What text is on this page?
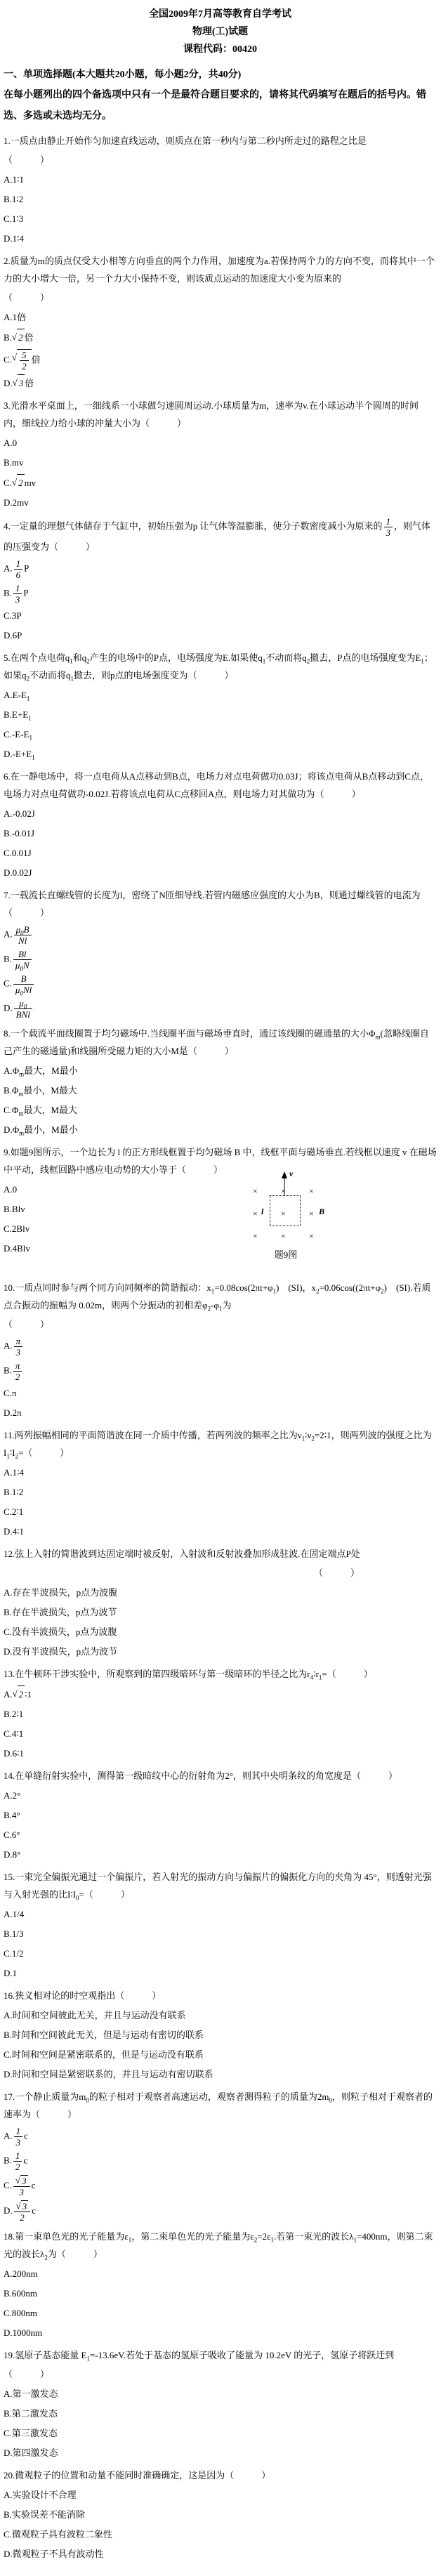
全国2009年7月高等教育自学考试
物理(工)试题
课程代码：00420
一、单项选择题(本大题共20小题，每小题2分，共40分)
在每小题列出的四个备选项中只有一个是最符合题目要求的，请将其代码填写在题后的括号内。错选、多选或未选均无分。
1.一质点由静止开始作匀加速直线运动，则质点在第一秒内与第二秒内所走过的路程之比是
（　　　）
A.1∶1
B.1∶2
C.1∶3
D.1∶4
2.质量为m的质点仅受大小相等方向垂直的两个力作用，加速度为a.若保持两个力的方向不变，而将其中一个力的大小增大一倍，另一个力大小保持不变，则该质点运动的加速度大小变为原来的
（　　　）
A.1倍
B.√ 2 倍
$C.√ \frac{5}{2}$ 倍
D.√ 3 倍
3.光滑水平桌面上，一细线系一小球做匀速圆周运动.小球质量为m，速率为v.在小球运动半个圆周的时间内，细线拉力给小球的冲量大小为（　　　）
A.0
B.mv
C.√ 2 mv
D.2mv
4.一定量的理想气体储存于气缸中，初始压强为p 让气体等温膨胀，使分子数密度减小为原来的 $\frac{1}{3}$ ，则气体的压强变为（　　　）
A. $\frac{1}{6}$ P
B. $\frac{1}{3}$ P
C.3P
D.6P
5.在两个点电荷$q_1$和$q_2$产生的电场中的P点，电场强度为E.如果使$q_1$不动而将$q_2$撤去，P点的电场强度变为$E_1$；如果$q_2$不动而将$q_1$撤去，则p点的电场强度变为（　　　）
$A.E-E_1$
$B.E+E_1$
$C.-E-E_1$
$D.-E+E_1$
6.在一静电场中，将一点电荷从A点移动到B点，电场力对点电荷做功0.03J；将该点电荷从B点移动到C点，电场力对点电荷做功-0.02J.若将该点电荷从C点移回A点，则电场力对其做功为（　　　）
A.-0.02J
B.-0.01J
C.0.01J
D.0.02J
7.一载流长直螺线管的长度为l，密绕了N匝细导线.若管内磁感应强度的大小为B，则通过螺线管的电流为（　　　）
A. $\frac{\mu_0B}{Nl}$
B. $\frac{Bl}{\mu_0N}$
C. $\frac{B}{\mu_0Nl}$
D. $\frac{\mu_0}{\text{BNl}}$
8.一个载流平面线圈置于均匀磁场中.当线圈平面与磁场垂直时，通过该线圈的磁通量的大小$\Phi_m$(忽略线圈自己产生的磁通量)和线圈所受磁力矩的大小M是（　　　）
$A.\Phi_m$最大，M最小
$B.\Phi_m$最小，M最大
$C.\Phi_m$最大，M最大
$D.\Phi_m$最小，M最小
9.如题9图所示，一个边长为 l 的正方形线框置于均匀磁场 B 中，线框平面与磁场垂直.若线框以速度 v 在磁场中平动，线框回路中感应电动势的大小等于（　　　）
A.0
B.Blv
C.2Blv
D.4Blv
×	×	×
×	×	×
×	×	×
v
l	B
题9图
10.一质点同时参与两个同方向同频率的简谐振动：$x_1=0.08\cos(2\pi t+\varphi_1)$　(SI)，$x_2=0.06\cos((2\pi t+\varphi_2)$　(SI).若质点合振动的振幅为 0.02m，则两个分振动的初相差$\varphi_2-\varphi_1$为
（　　　）
A. $\frac{\pi}{3}$
B. $\frac{\pi}{2}$
C.π
D.2π
11.两列振幅相同的平面简谐波在同一介质中传播，若两列波的频率之比为$\nu_1∶\nu_2=2∶1$，则两列波的强度之比为$I_1∶I_2=$（　　　）
A.1∶4
B.1∶2
C.2∶1
D.4∶1
12.弦上入射的简谐波到达固定端时被反射，入射波和反射波叠加形成驻波.在固定端点P处
（　　　）
A.存在半波损失，p点为波腹
B.存在半波损失，p点为波节
C.没有半波损失，p点为波腹
D.没有半波损失，p点为波节
13.在牛顿环干涉实验中，所观察到的第四级暗环与第一级暗环的半径之比为$r_4∶r_1=$（　　　）
A.√ 2 ∶1
B.2∶1
C.4∶1
D.6∶1
14.在单缝衍射实验中，测得第一级暗纹中心的衍射角为2°，则其中央明条纹的角宽度是（　　　）
A.2°
B.4°
C.6°
D.8°
15.一束完全偏振光通过一个偏振片，若入射光的振动方向与偏振片的偏振化方向的夹角为 45°，则透射光强与入射光强的比$I∶I_0=$（　　　）
A.1/4
B.1/3
C.1/2
D.1
16.狭义相对论的时空观指出（　　　）
A.时间和空间彼此无关，并且与运动没有联系
B.时间和空间彼此无关，但是与运动有密切的联系
C.时间和空间是紧密联系的，但是与运动没有联系
D.时间和空间是紧密联系的，并且与运动有密切联系
17.一个静止质量为$m_0$的粒子相对于观察者高速运动，观察者测得粒子的质量为$2m_0$，则粒子相对于观察者的速率为（　　　）
A. $\frac{1}{3}$ c
B. $\frac{1}{2}$ c
C. $\frac{√ 3}{3}$ c
D. $\frac{√ 3}{2}$ c
18.第一束单色光的光子能量为$\varepsilon_1$，第二束单色光的光子能量为$\varepsilon_2=2\varepsilon_1$.若第一束光的波长$\lambda_1=400nm$，则第二束光的波长$\lambda_2$为（　　　）
A.200nm
B.600nm
C.800nm
D.1000nm
19.氢原子基态能量 $E_1=-13.6eV$.若处于基态的氢原子吸收了能量为 10.2eV 的光子，氢原子将跃迁到
（　　　）
A.第一激发态
B.第二激发态
C.第三激发态
D.第四激发态
20.微观粒子的位置和动量不能同时准确确定，这是因为（　　　）
A.实验设计不合理
B.实验误差不能消除
C.微观粒子具有波粒二象性
D.微观粒子不具有波动性
